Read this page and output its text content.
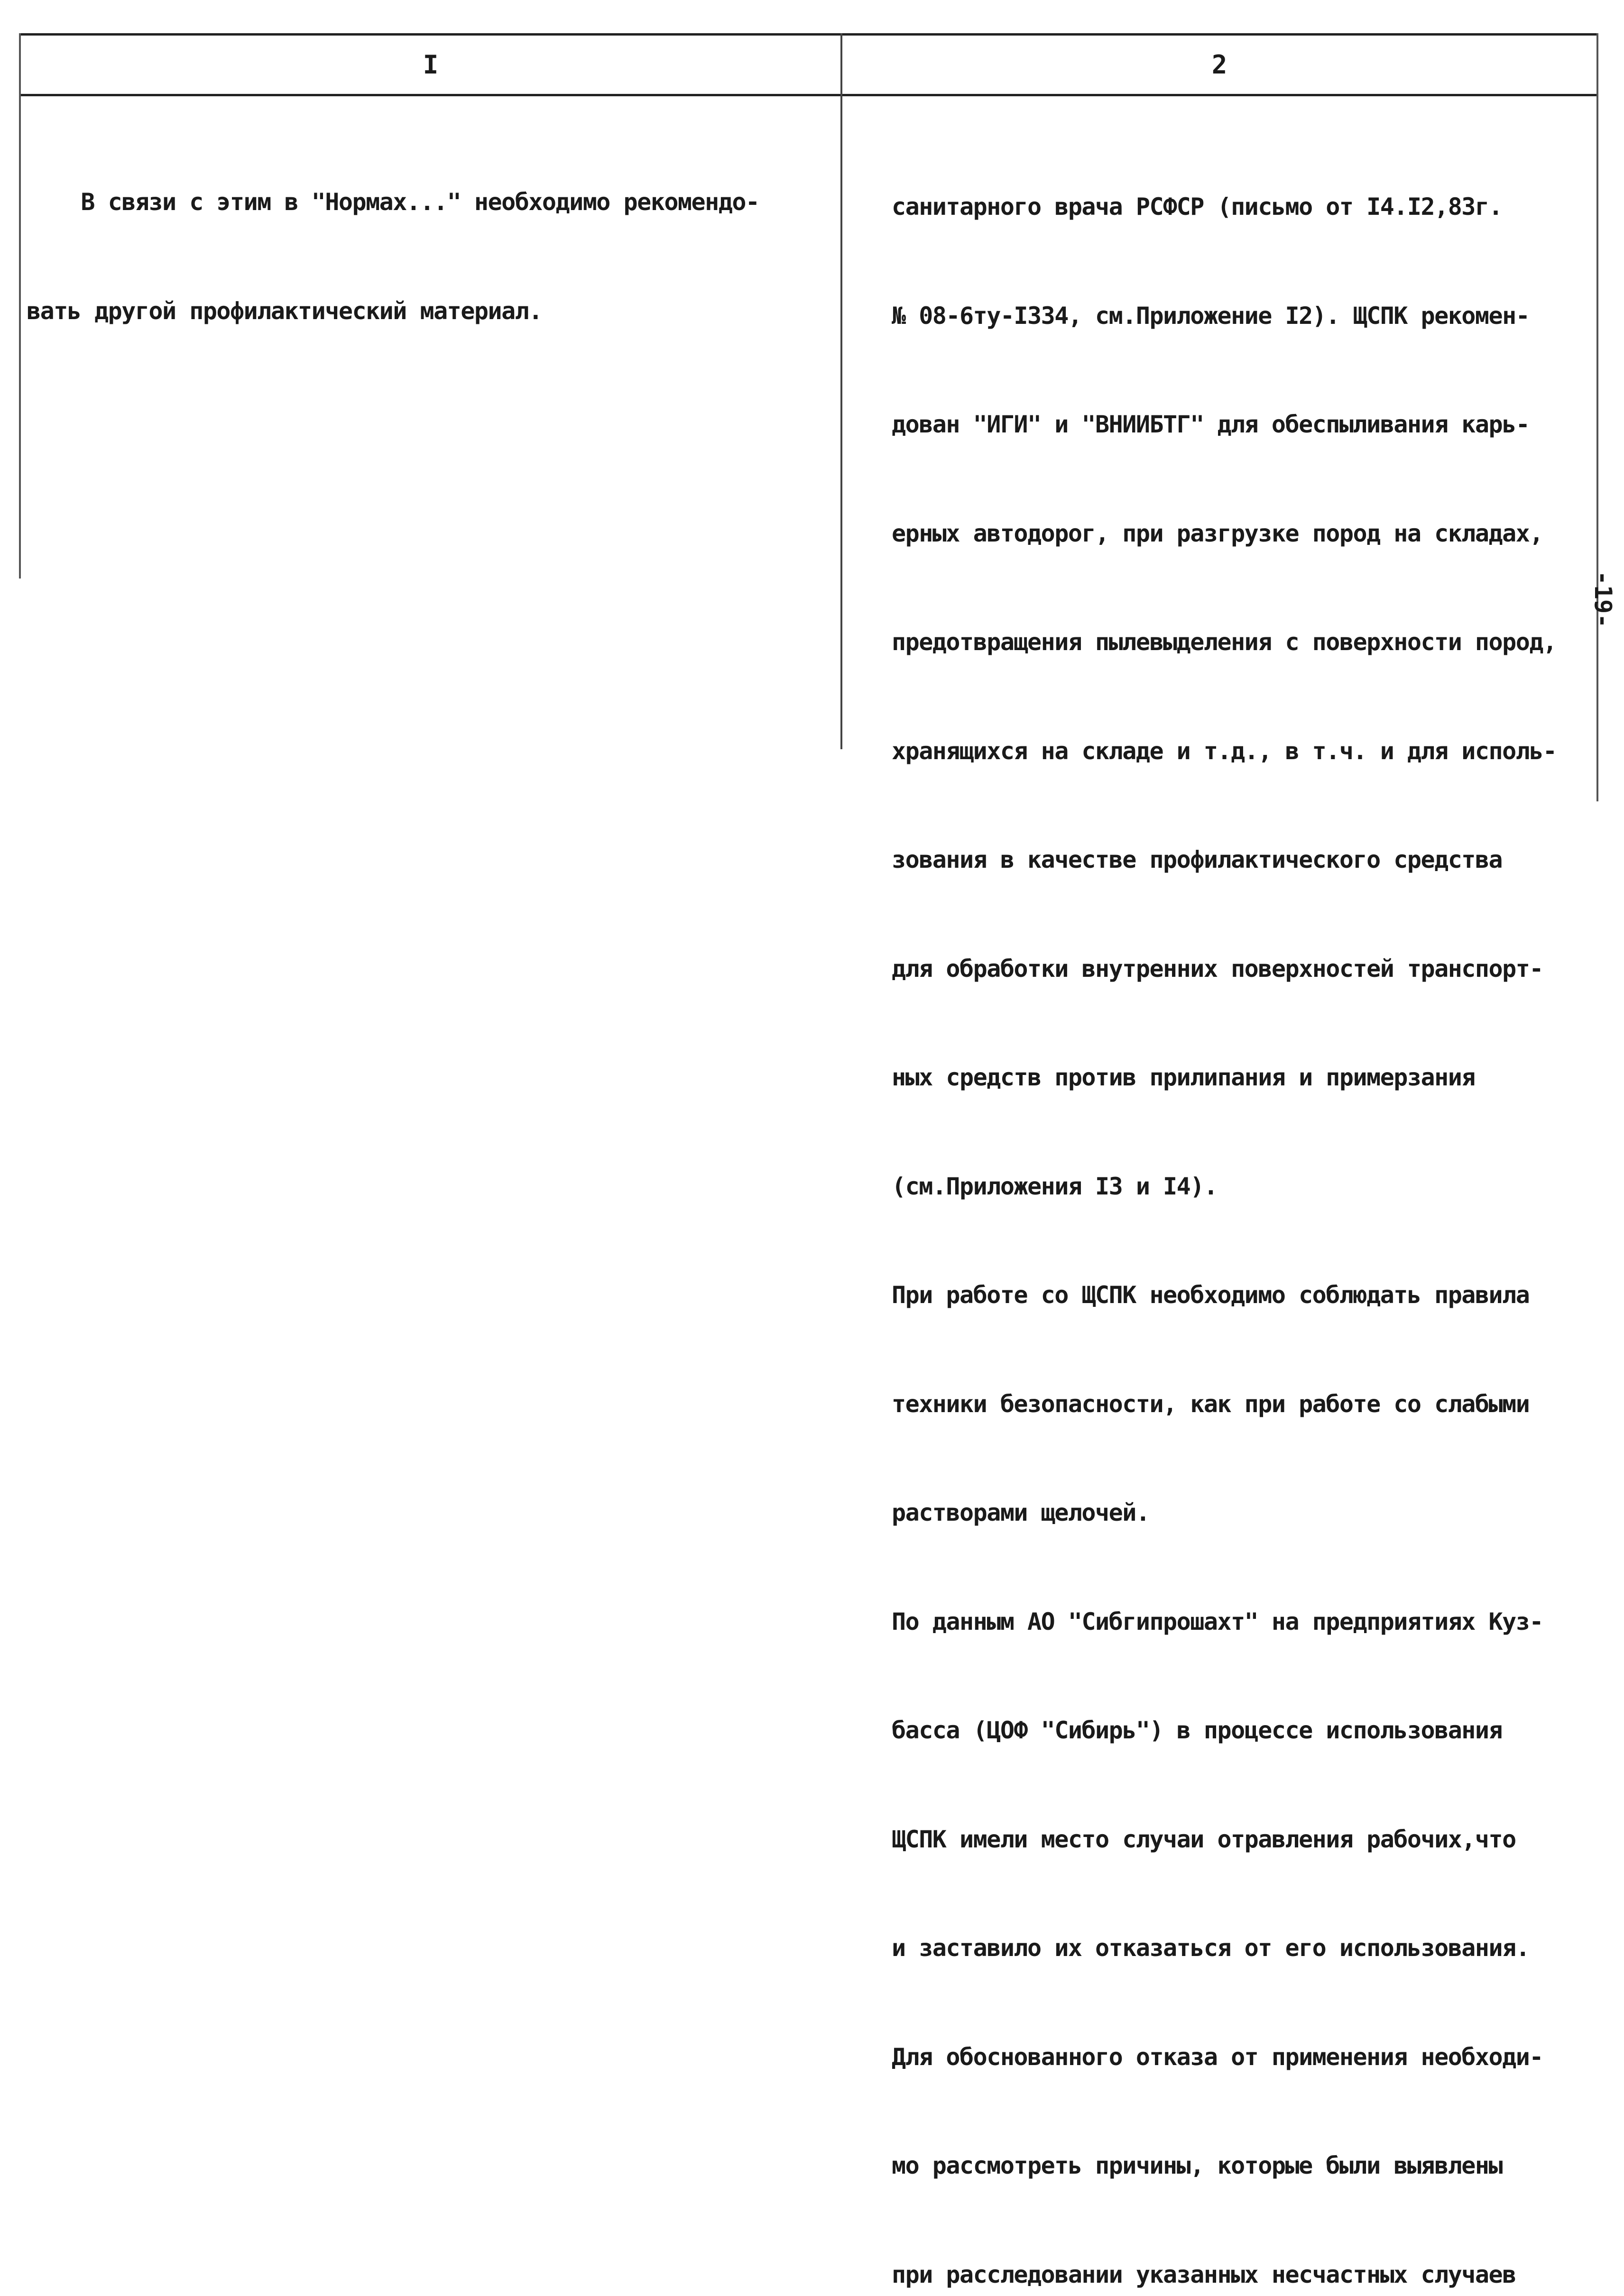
I	2

В связи с этим в "Нормах..." необходимо рекомендо-

вать другой профилактический материал.

санитарного врача РСФСР (письмо от I4.I2,83г.

№ 08-6ту-I334, см.Приложение I2). ЩСПК рекомен-

дован "ИГИ" и "ВНИИБТГ" для обеспыливания карь-

ерных автодорог, при разгрузке пород на складах,

предотвращения пылевыделения с поверхности пород,

хранящихся на складе и т.д., в т.ч. и для исполь-

зования в качестве профилактического средства

для обработки внутренних поверхностей транспорт-

ных средств против прилипания и примерзания

(см.Приложения I3 и I4).

При работе со ЩСПК необходимо соблюдать правила

техники безопасности, как при работе со слабыми

растворами щелочей.

По данным АО "Сибгипрошахт" на предприятиях Куз-

басса (ЦОФ "Сибирь") в процессе использования

ЩСПК имели место случаи отравления рабочих,что

и заставило их отказаться от его использования.

Для обоснованного отказа от применения необходи-

мо рассмотреть причины, которые были выявлены

при расследовании указанных несчастных случаев

-19-
